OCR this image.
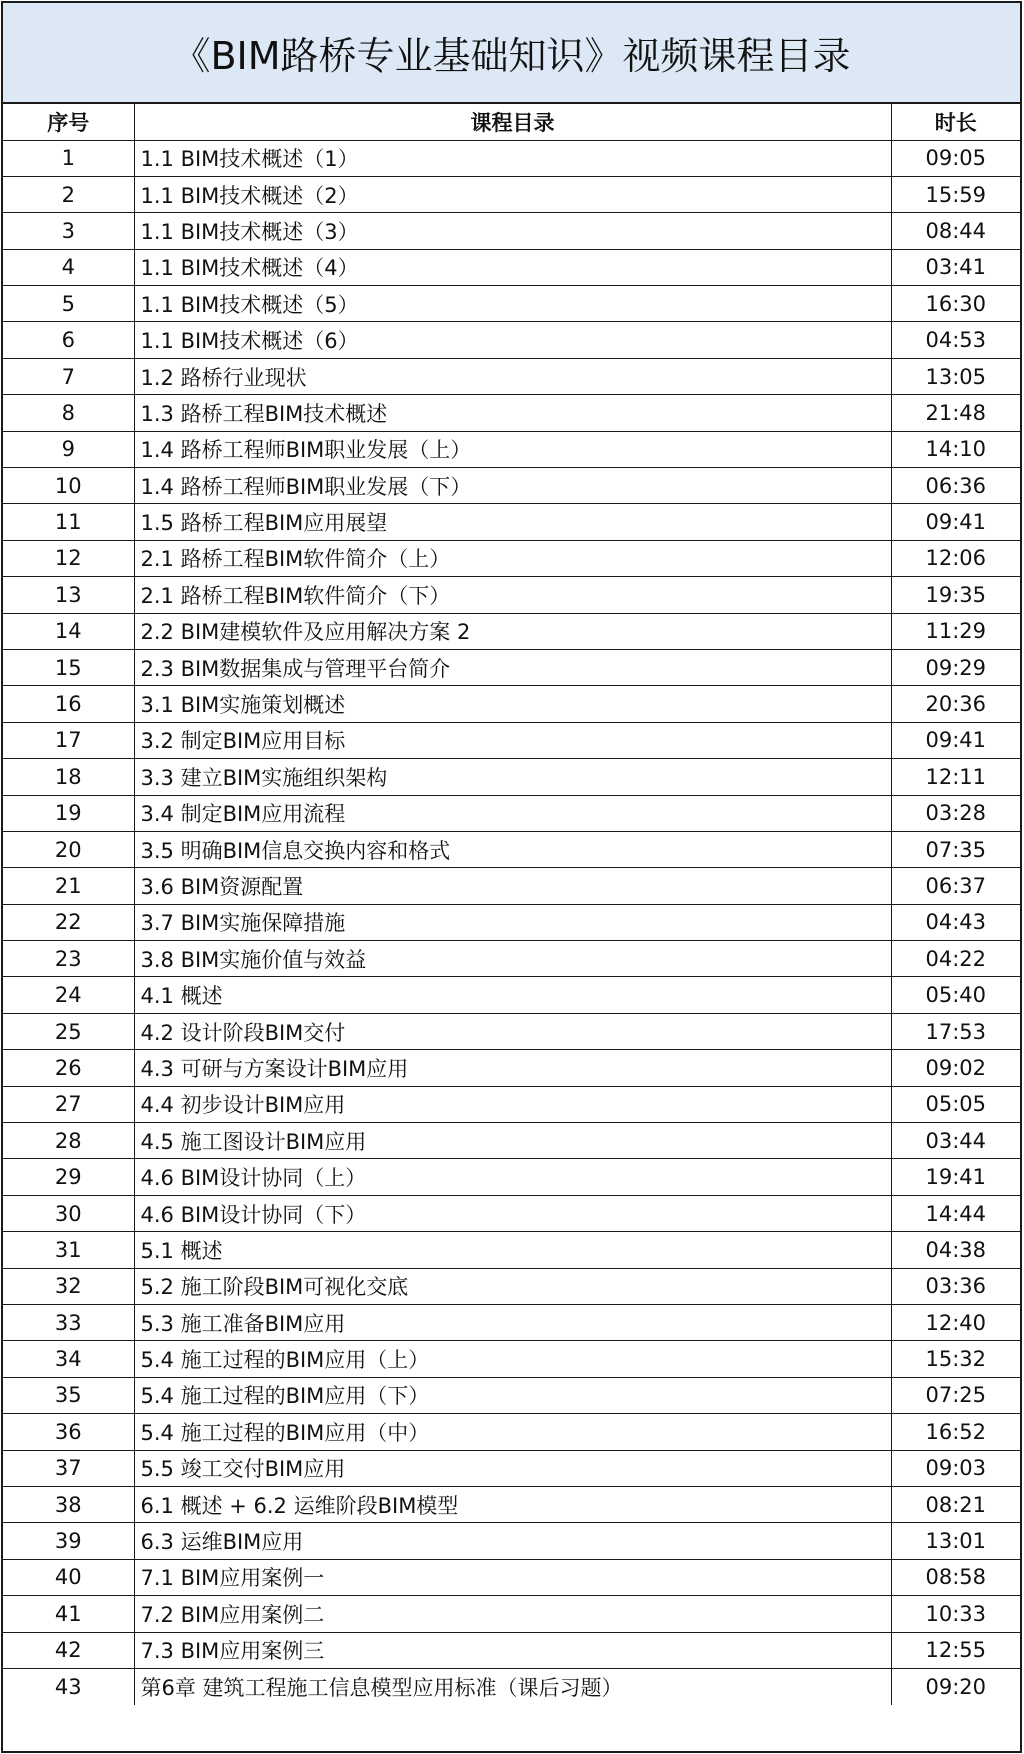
《BIM路桥专业基础知识》视频课程目录
序号	课程目录	时长
1	1.1 BIM技术概述（1）	09:05
2	1.1 BIM技术概述（2）	15:59
3	1.1 BIM技术概述（3）	08:44
4	1.1 BIM技术概述（4）	03:41
5	1.1 BIM技术概述（5）	16:30
6	1.1 BIM技术概述（6）	04:53
7	1.2 路桥行业现状	13:05
8	1.3 路桥工程BIM技术概述	21:48
9	1.4 路桥工程师BIM职业发展（上）	14:10
10	1.4 路桥工程师BIM职业发展（下）	06:36
11	1.5 路桥工程BIM应用展望	09:41
12	2.1 路桥工程BIM软件简介（上）	12:06
13	2.1 路桥工程BIM软件简介（下）	19:35
14	2.2 BIM建模软件及应用解决方案 2	11:29
15	2.3 BIM数据集成与管理平台简介	09:29
16	3.1 BIM实施策划概述	20:36
17	3.2 制定BIM应用目标	09:41
18	3.3 建立BIM实施组织架构	12:11
19	3.4 制定BIM应用流程	03:28
20	3.5 明确BIM信息交换内容和格式	07:35
21	3.6 BIM资源配置	06:37
22	3.7 BIM实施保障措施	04:43
23	3.8 BIM实施价值与效益	04:22
24	4.1 概述	05:40
25	4.2 设计阶段BIM交付	17:53
26	4.3 可研与方案设计BIM应用	09:02
27	4.4 初步设计BIM应用	05:05
28	4.5 施工图设计BIM应用	03:44
29	4.6 BIM设计协同（上）	19:41
30	4.6 BIM设计协同（下）	14:44
31	5.1 概述	04:38
32	5.2 施工阶段BIM可视化交底	03:36
33	5.3 施工准备BIM应用	12:40
34	5.4 施工过程的BIM应用（上）	15:32
35	5.4 施工过程的BIM应用（下）	07:25
36	5.4 施工过程的BIM应用（中）	16:52
37	5.5 竣工交付BIM应用	09:03
38	6.1 概述 + 6.2 运维阶段BIM模型	08:21
39	6.3 运维BIM应用	13:01
40	7.1 BIM应用案例一	08:58
41	7.2 BIM应用案例二	10:33
42	7.3 BIM应用案例三	12:55
43	第6章 建筑工程施工信息模型应用标准（课后习题）	09:20
